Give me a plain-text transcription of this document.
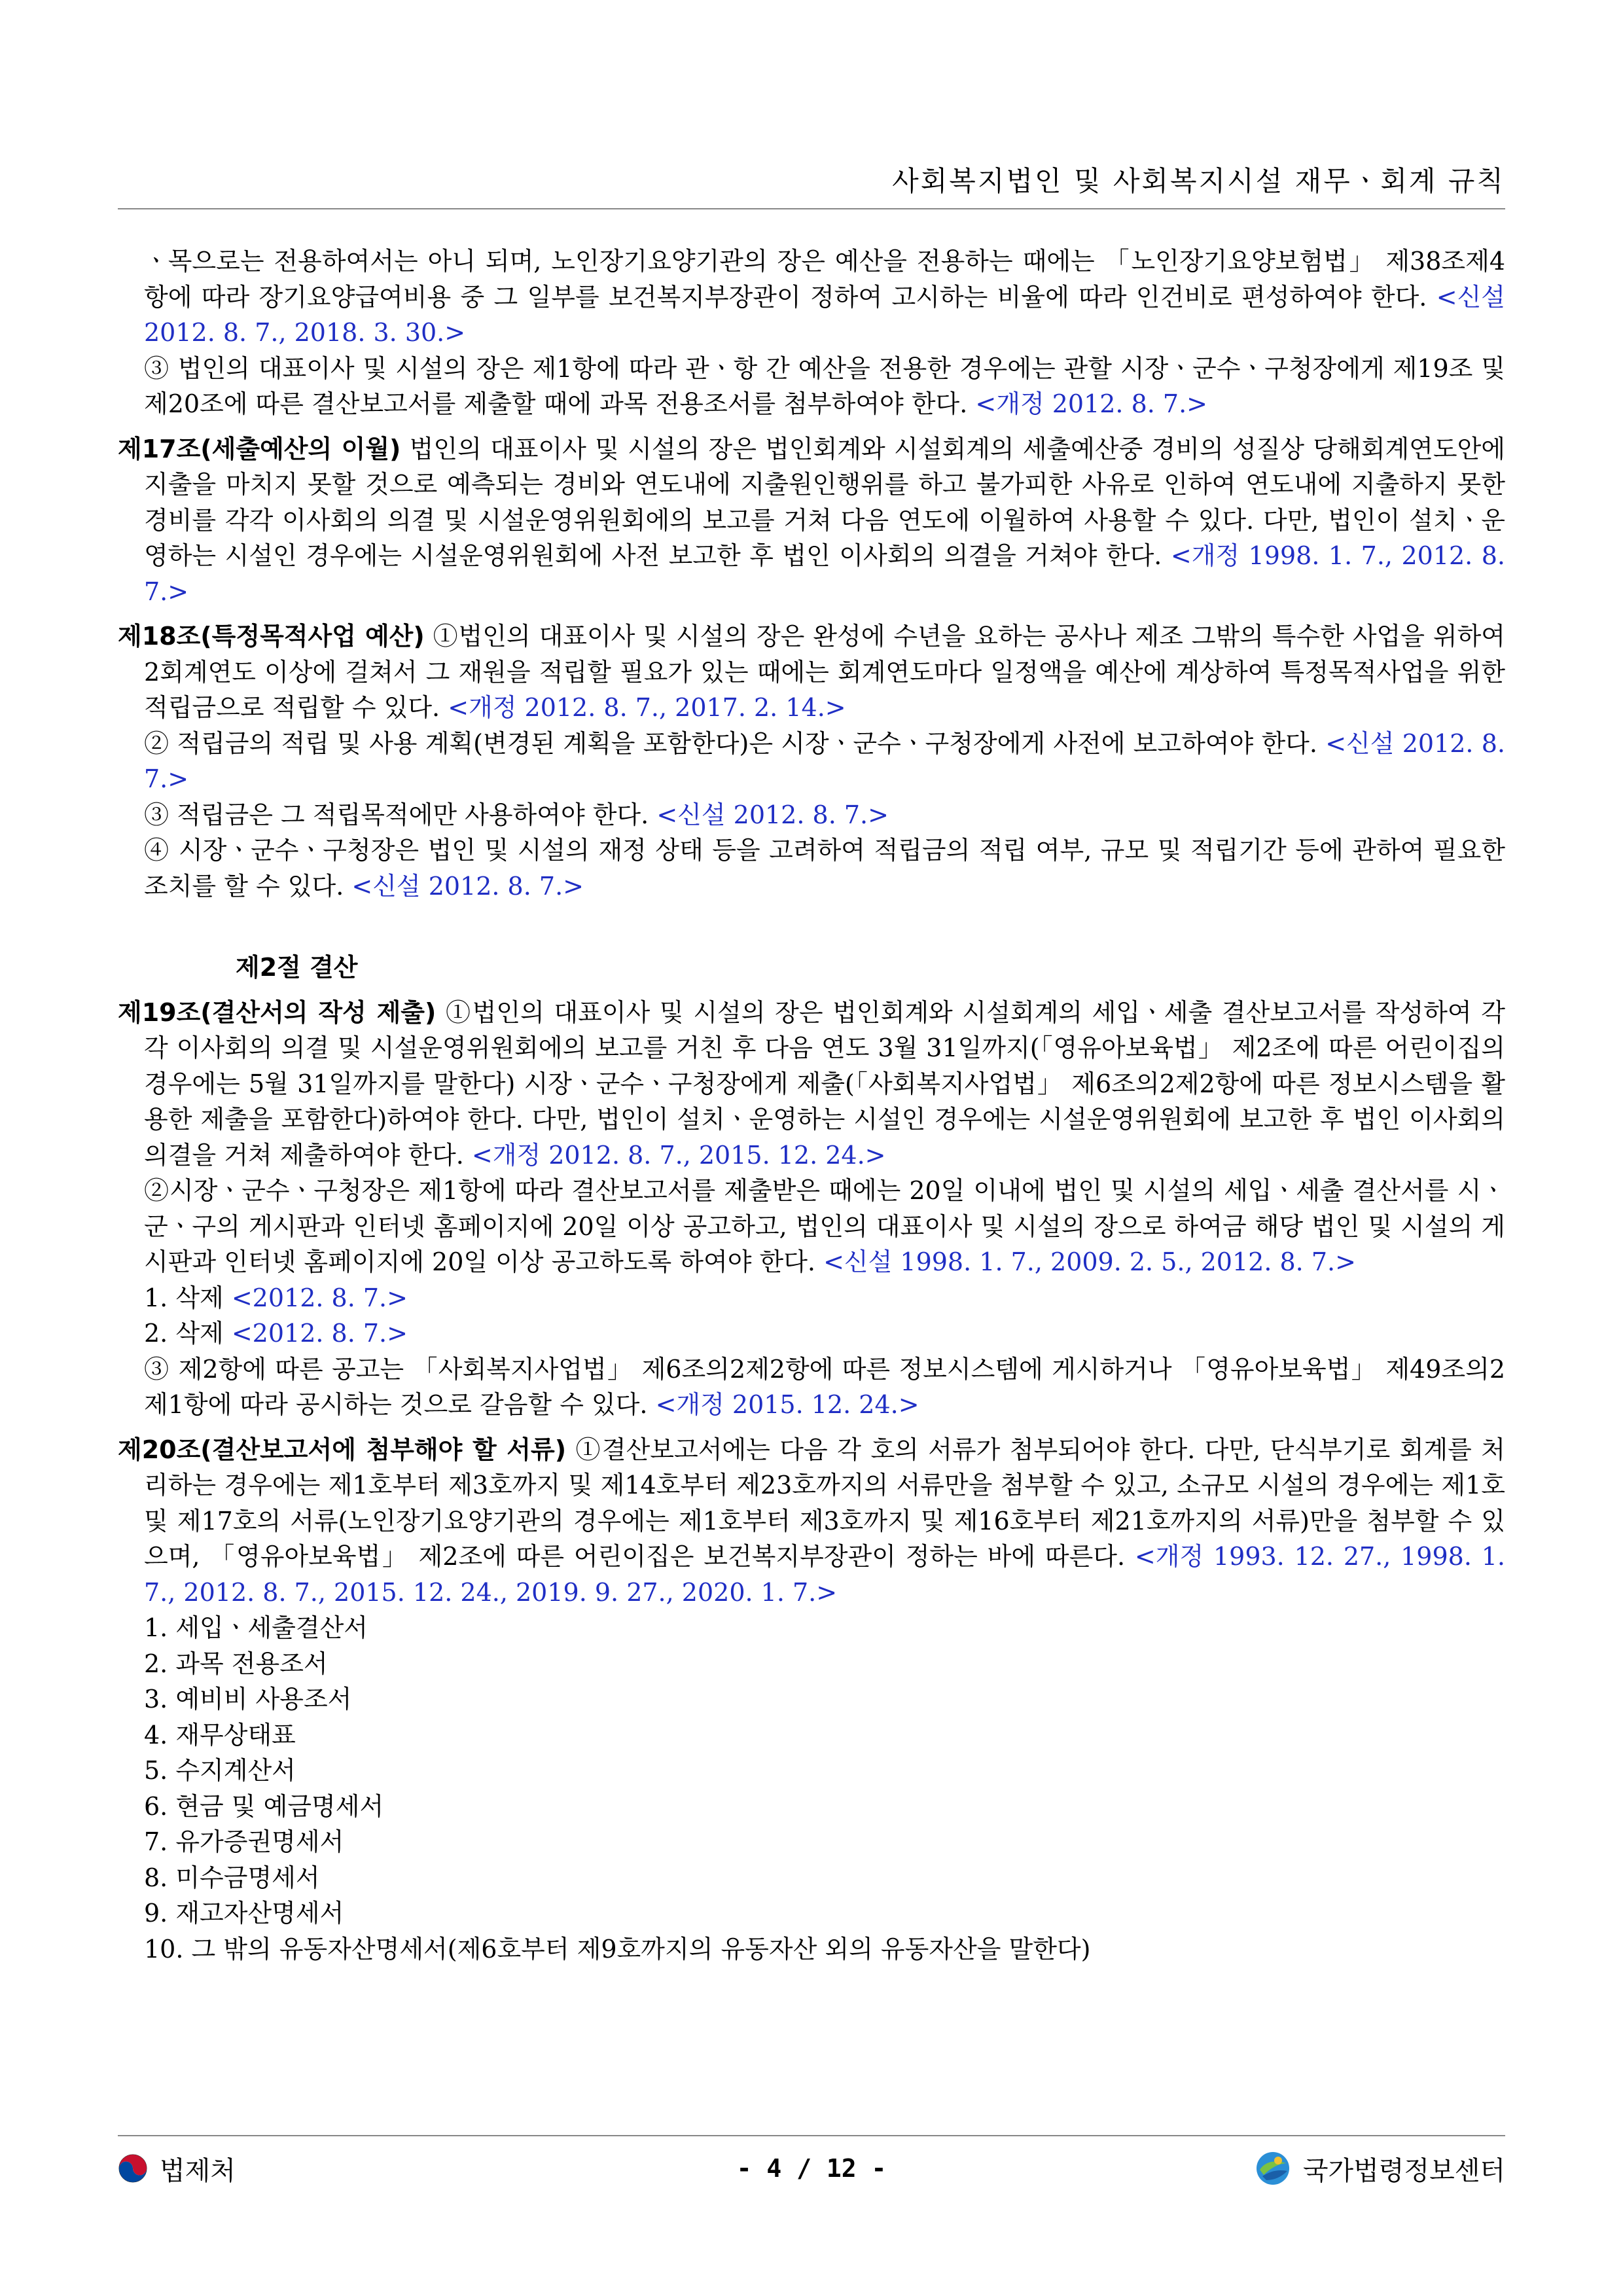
사회복지법인 및 사회복지시설 재무ㆍ회계 규칙

ㆍ목으로는 전용하여서는 아니 되며, 노인장기요양기관의 장은 예산을 전용하는 때에는 「노인장기요양보험법」 제38조제4항에 따라 장기요양급여비용 중 그 일부를 보건복지부장관이 정하여 고시하는 비율에 따라 인건비로 편성하여야 한다. <신설 2012. 8. 7., 2018. 3. 30.>

③ 법인의 대표이사 및 시설의 장은 제1항에 따라 관ㆍ항 간 예산을 전용한 경우에는 관할 시장ㆍ군수ㆍ구청장에게 제19조 및 제20조에 따른 결산보고서를 제출할 때에 과목 전용조서를 첨부하여야 한다. <개정 2012. 8. 7.>

제17조(세출예산의 이월) 법인의 대표이사 및 시설의 장은 법인회계와 시설회계의 세출예산중 경비의 성질상 당해회계연도안에 지출을 마치지 못할 것으로 예측되는 경비와 연도내에 지출원인행위를 하고 불가피한 사유로 인하여 연도내에 지출하지 못한 경비를 각각 이사회의 의결 및 시설운영위원회에의 보고를 거쳐 다음 연도에 이월하여 사용할 수 있다. 다만, 법인이 설치ㆍ운영하는 시설인 경우에는 시설운영위원회에 사전 보고한 후 법인 이사회의 의결을 거쳐야 한다. <개정 1998. 1. 7., 2012. 8. 7.>

제18조(특정목적사업 예산) ①법인의 대표이사 및 시설의 장은 완성에 수년을 요하는 공사나 제조 그밖의 특수한 사업을 위하여 2회계연도 이상에 걸쳐서 그 재원을 적립할 필요가 있는 때에는 회계연도마다 일정액을 예산에 계상하여 특정목적사업을 위한 적립금으로 적립할 수 있다. <개정 2012. 8. 7., 2017. 2. 14.>

② 적립금의 적립 및 사용 계획(변경된 계획을 포함한다)은 시장ㆍ군수ㆍ구청장에게 사전에 보고하여야 한다. <신설 2012. 8. 7.>

③ 적립금은 그 적립목적에만 사용하여야 한다. <신설 2012. 8. 7.>

④ 시장ㆍ군수ㆍ구청장은 법인 및 시설의 재정 상태 등을 고려하여 적립금의 적립 여부, 규모 및 적립기간 등에 관하여 필요한 조치를 할 수 있다. <신설 2012. 8. 7.>

제2절 결산

제19조(결산서의 작성 제출) ①법인의 대표이사 및 시설의 장은 법인회계와 시설회계의 세입ㆍ세출 결산보고서를 작성하여 각각 이사회의 의결 및 시설운영위원회에의 보고를 거친 후 다음 연도 3월 31일까지(「영유아보육법」 제2조에 따른 어린이집의 경우에는 5월 31일까지를 말한다) 시장ㆍ군수ㆍ구청장에게 제출(「사회복지사업법」 제6조의2제2항에 따른 정보시스템을 활용한 제출을 포함한다)하여야 한다. 다만, 법인이 설치ㆍ운영하는 시설인 경우에는 시설운영위원회에 보고한 후 법인 이사회의 의결을 거쳐 제출하여야 한다. <개정 2012. 8. 7., 2015. 12. 24.>

②시장ㆍ군수ㆍ구청장은 제1항에 따라 결산보고서를 제출받은 때에는 20일 이내에 법인 및 시설의 세입ㆍ세출 결산서를 시ㆍ군ㆍ구의 게시판과 인터넷 홈페이지에 20일 이상 공고하고, 법인의 대표이사 및 시설의 장으로 하여금 해당 법인 및 시설의 게시판과 인터넷 홈페이지에 20일 이상 공고하도록 하여야 한다. <신설 1998. 1. 7., 2009. 2. 5., 2012. 8. 7.>

1. 삭제 <2012. 8. 7.>

2. 삭제 <2012. 8. 7.>

③ 제2항에 따른 공고는 「사회복지사업법」 제6조의2제2항에 따른 정보시스템에 게시하거나 「영유아보육법」 제49조의2제1항에 따라 공시하는 것으로 갈음할 수 있다. <개정 2015. 12. 24.>

제20조(결산보고서에 첨부해야 할 서류) ①결산보고서에는 다음 각 호의 서류가 첨부되어야 한다. 다만, 단식부기로 회계를 처리하는 경우에는 제1호부터 제3호까지 및 제14호부터 제23호까지의 서류만을 첨부할 수 있고, 소규모 시설의 경우에는 제1호 및 제17호의 서류(노인장기요양기관의 경우에는 제1호부터 제3호까지 및 제16호부터 제21호까지의 서류)만을 첨부할 수 있으며, 「영유아보육법」 제2조에 따른 어린이집은 보건복지부장관이 정하는 바에 따른다. <개정 1993. 12. 27., 1998. 1. 7., 2012. 8. 7., 2015. 12. 24., 2019. 9. 27., 2020. 1. 7.>

1. 세입ㆍ세출결산서

2. 과목 전용조서

3. 예비비 사용조서

4. 재무상태표

5. 수지계산서

6. 현금 및 예금명세서

7. 유가증권명세서

8. 미수금명세서

9. 재고자산명세서

10. 그 밖의 유동자산명세서(제6호부터 제9호까지의 유동자산 외의 유동자산을 말한다)

법제처	- 4 / 12 -	국가법령정보센터
